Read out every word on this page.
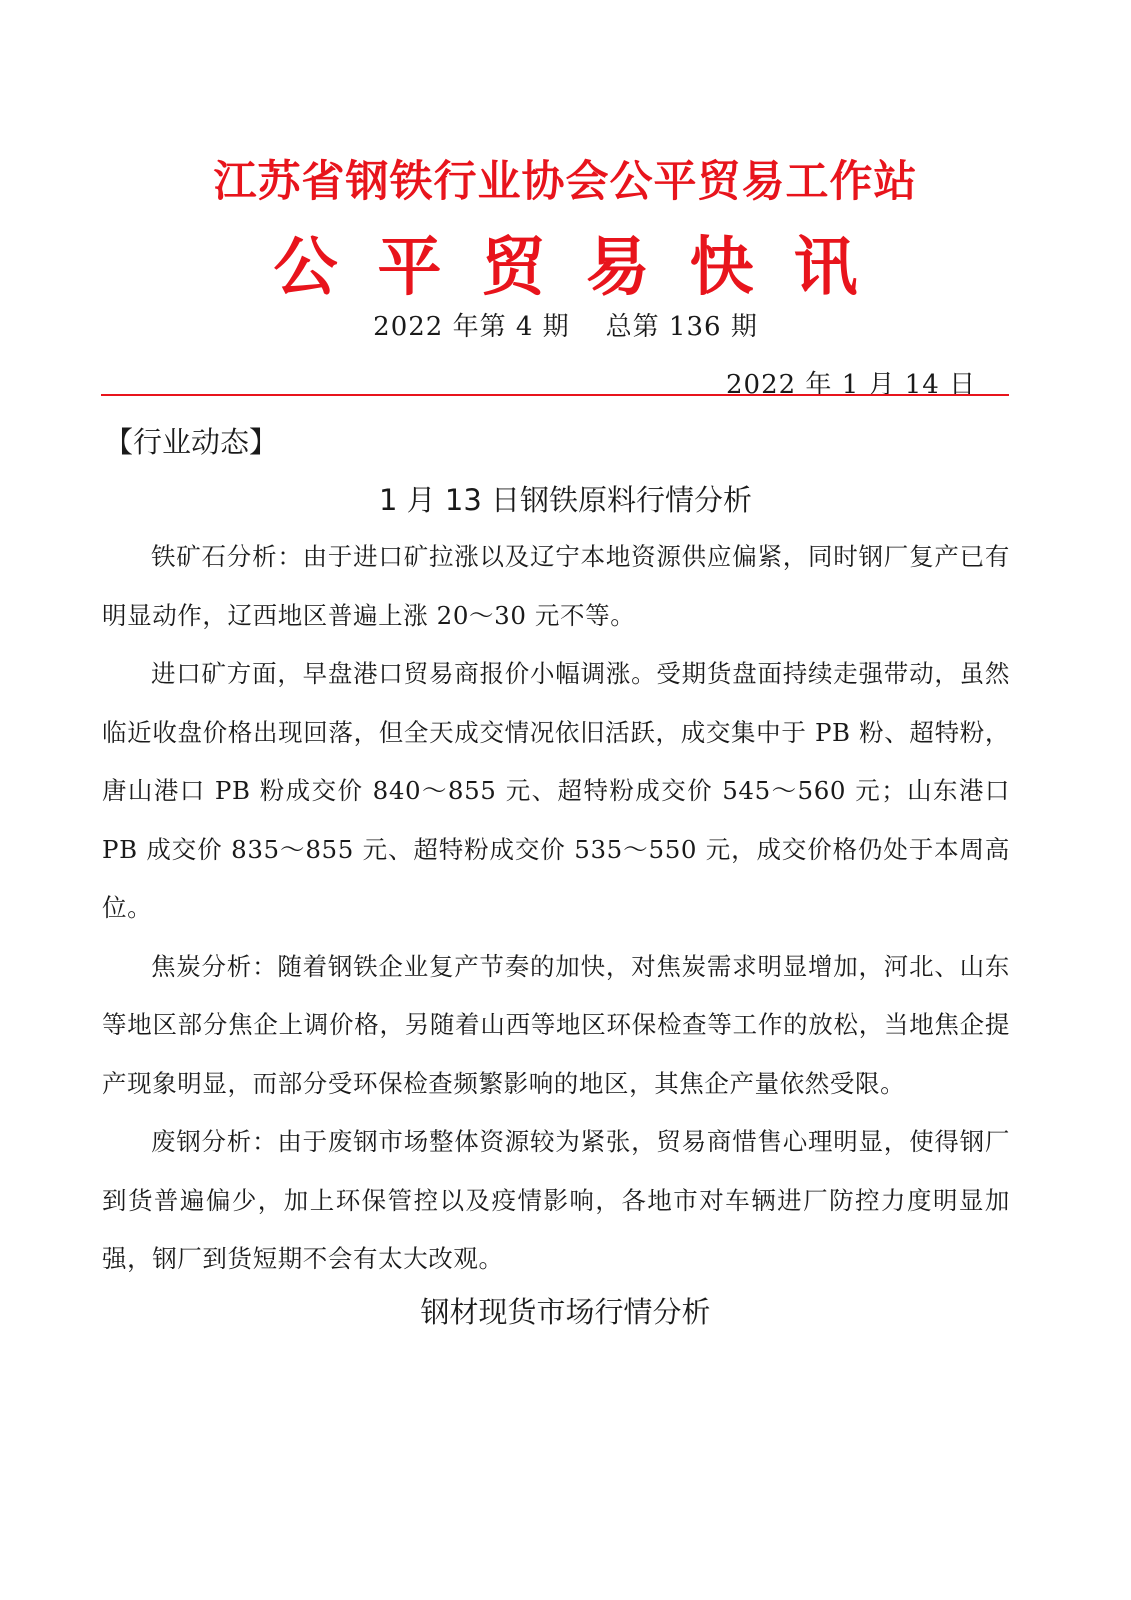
江苏省钢铁行业协会公平贸易工作站
公平贸易快讯
2022 年第 4 期 总第 136 期
2022 年 1 月 14 日
【行业动态】
1 月 13 日钢铁原料行情分析

铁矿石分析：由于进口矿拉涨以及辽宁本地资源供应偏紧，同时钢厂复产已有明显动作，辽西地区普遍上涨 20～30 元不等。

进口矿方面，早盘港口贸易商报价小幅调涨。受期货盘面持续走强带动，虽然临近收盘价格出现回落，但全天成交情况依旧活跃，成交集中于 PB 粉、超特粉，唐山港口 PB 粉成交价 840～855 元、超特粉成交价 545～560 元；山东港口 PB 成交价 835～855 元、超特粉成交价 535～550 元，成交价格仍处于本周高位。

焦炭分析：随着钢铁企业复产节奏的加快，对焦炭需求明显增加，河北、山东等地区部分焦企上调价格，另随着山西等地区环保检查等工作的放松，当地焦企提产现象明显，而部分受环保检查频繁影响的地区，其焦企产量依然受限。

废钢分析：由于废钢市场整体资源较为紧张，贸易商惜售心理明显，使得钢厂到货普遍偏少，加上环保管控以及疫情影响，各地市对车辆进厂防控力度明显加强，钢厂到货短期不会有太大改观。

钢材现货市场行情分析
